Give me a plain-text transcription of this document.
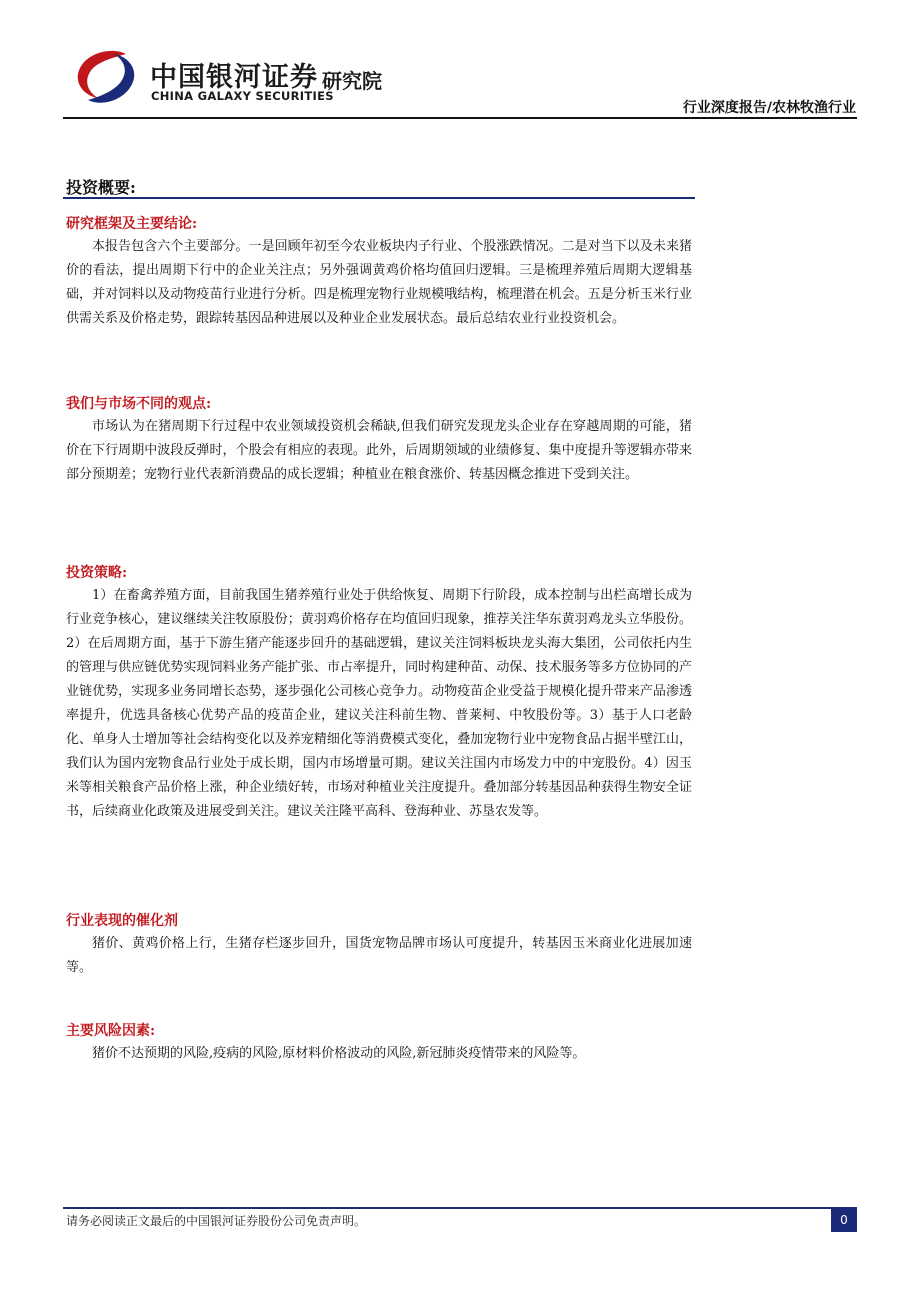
中国银河证券
CHINA GALAXY SECURITIES
研究院
行业深度报告/农林牧渔行业
投资概要:
研究框架及主要结论:

本报告包含六个主要部分。一是回顾年初至今农业板块内子行业、个股涨跌情况。二是对当下以及未来猪价的看法，提出周期下行中的企业关注点；另外强调黄鸡价格均值回归逻辑。三是梳理养殖后周期大逻辑基础，并对饲料以及动物疫苗行业进行分析。四是梳理宠物行业规模哦结构，梳理潜在机会。五是分析玉米行业供需关系及价格走势，跟踪转基因品种进展以及种业企业发展状态。最后总结农业行业投资机会。

我们与市场不同的观点:

市场认为在猪周期下行过程中农业领域投资机会稀缺,但我们研究发现龙头企业存在穿越周期的可能，猪价在下行周期中波段反弹时，个股会有相应的表现。此外，后周期领域的业绩修复、集中度提升等逻辑亦带来部分预期差；宠物行业代表新消费品的成长逻辑；种植业在粮食涨价、转基因概念推进下受到关注。

投资策略:

1）在畜禽养殖方面，目前我国生猪养殖行业处于供给恢复、周期下行阶段，成本控制与出栏高增长成为行业竞争核心，建议继续关注牧原股份；黄羽鸡价格存在均值回归现象，推荐关注华东黄羽鸡龙头立华股份。2）在后周期方面，基于下游生猪产能逐步回升的基础逻辑，建议关注饲料板块龙头海大集团，公司依托内生的管理与供应链优势实现饲料业务产能扩张、市占率提升，同时构建种苗、动保、技术服务等多方位协同的产业链优势，实现多业务同增长态势，逐步强化公司核心竞争力。动物疫苗企业受益于规模化提升带来产品渗透率提升，优选具备核心优势产品的疫苗企业，建议关注科前生物、普莱柯、中牧股份等。3）基于人口老龄化、单身人士增加等社会结构变化以及养宠精细化等消费模式变化，叠加宠物行业中宠物食品占据半壁江山，我们认为国内宠物食品行业处于成长期，国内市场增量可期。建议关注国内市场发力中的中宠股份。4）因玉米等相关粮食产品价格上涨，种企业绩好转，市场对种植业关注度提升。叠加部分转基因品种获得生物安全证书，后续商业化政策及进展受到关注。建议关注隆平高科、登海种业、苏垦农发等。

行业表现的催化剂

猪价、黄鸡价格上行，生猪存栏逐步回升，国货宠物品牌市场认可度提升，转基因玉米商业化进展加速等。

主要风险因素:

猪价不达预期的风险,疫病的风险,原材料价格波动的风险,新冠肺炎疫情带来的风险等。

请务必阅读正文最后的中国银河证券股份公司免责声明。	0
